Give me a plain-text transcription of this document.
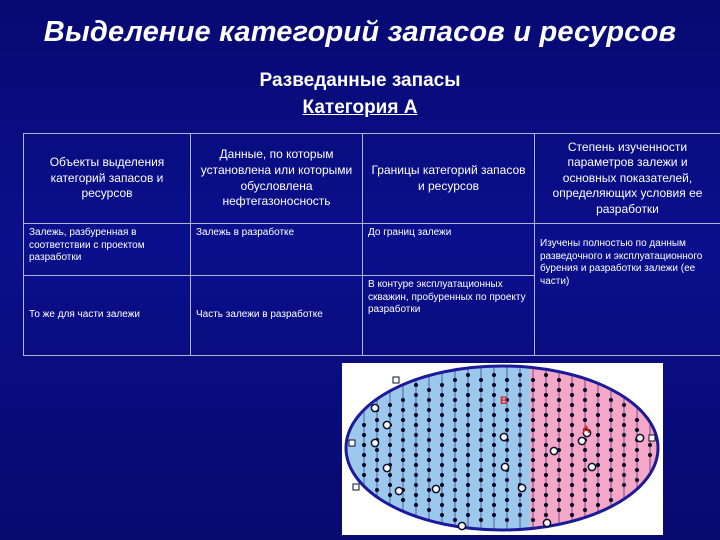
Выделение категорий запасов и ресурсов
Разведанные запасы
Категория А
Объекты выделения категорий запасов и ресурсов	Данные, по которым установлена или которыми обусловлена нефтегазоносность	Границы категорий запасов и ресурсов	Степень изученности параметров залежи и основных показателей, определяющих условия ее разработки
Залежь, разбуренная в соответствии с проектом разработки	Залежь в разработке	До границ залежи	Изучены полностью по данным разведочного и эксплуатационного бурения и разработки залежи (ее части)
То же для части залежи	Часть залежи в разработке	В контуре эксплуатационных скважин, пробуренных по проекту разработки	
В
А
